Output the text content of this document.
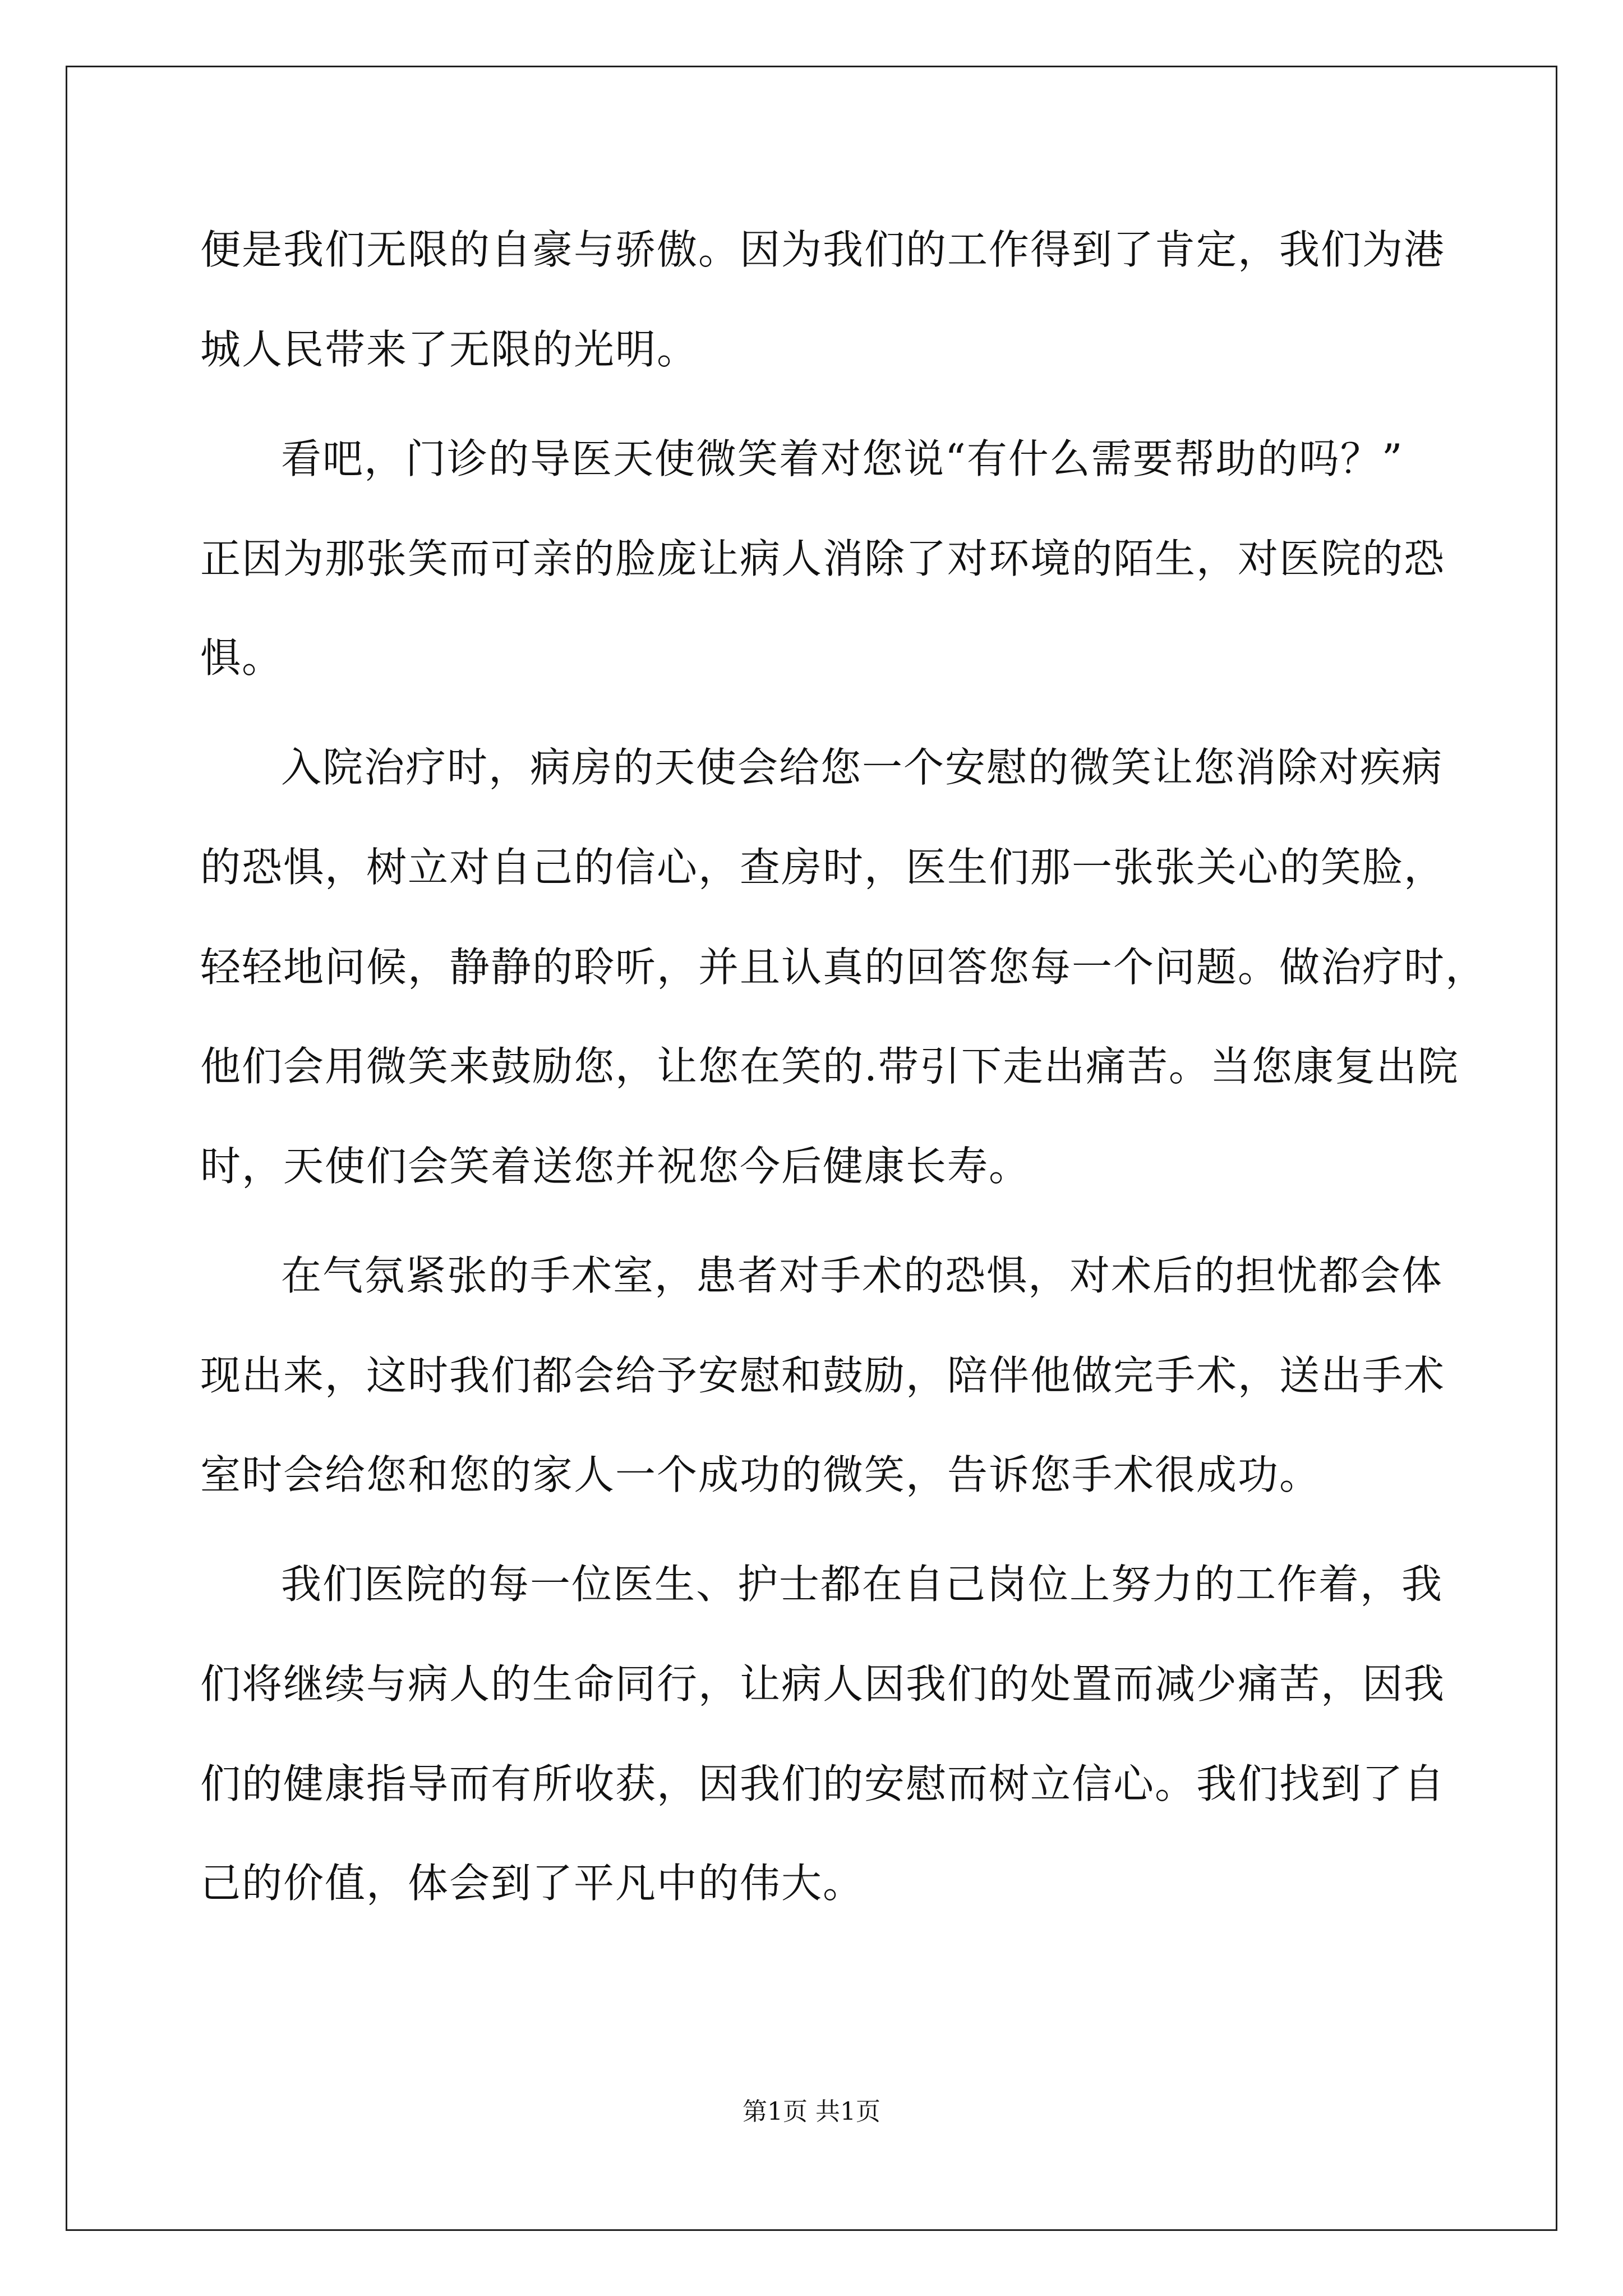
便是我们无限的自豪与骄傲。因为我们的工作得到了肯定，我们为港
城人民带来了无限的光明。
看吧，门诊的导医天使微笑着对您说“有什么需要帮助的吗？”
正因为那张笑而可亲的脸庞让病人消除了对环境的陌生，对医院的恐
惧。
入院治疗时，病房的天使会给您一个安慰的微笑让您消除对疾病
的恐惧，树立对自己的信心，查房时，医生们那一张张关心的笑脸，
轻轻地问候，静静的聆听，并且认真的回答您每一个问题。做治疗时，
他们会用微笑来鼓励您，让您在笑的.带引下走出痛苦。当您康复出院
时，天使们会笑着送您并祝您今后健康长寿。
在气氛紧张的手术室，患者对手术的恐惧，对术后的担忧都会体
现出来，这时我们都会给予安慰和鼓励，陪伴他做完手术，送出手术
室时会给您和您的家人一个成功的微笑，告诉您手术很成功。
我们医院的每一位医生、护士都在自己岗位上努力的工作着，我
们将继续与病人的生命同行，让病人因我们的处置而减少痛苦，因我
们的健康指导而有所收获，因我们的安慰而树立信心。我们找到了自
己的价值，体会到了平凡中的伟大。
第1页 共1页
